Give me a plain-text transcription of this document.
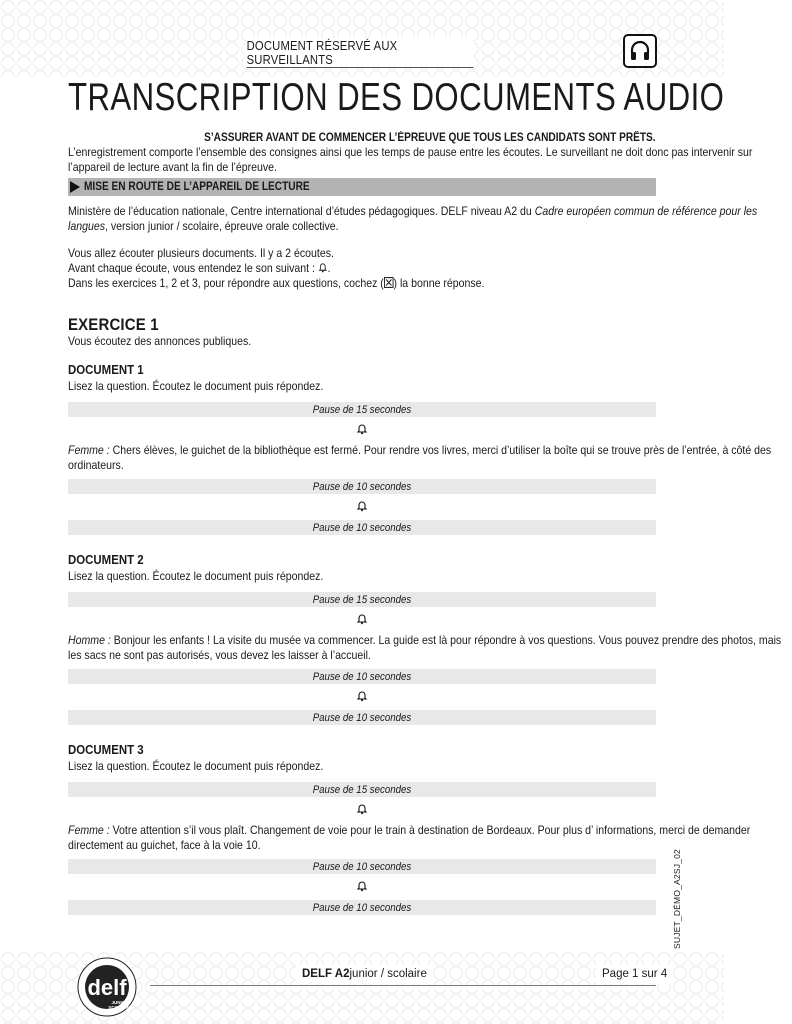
DOCUMENT RÉSERVÉ AUX SURVEILLANTS
TRANSCRIPTION DES DOCUMENTS AUDIO
S’ASSURER AVANT DE COMMENCER L’ÉPREUVE QUE TOUS LES CANDIDATS SONT PRÊTS.
L’enregistrement comporte l’ensemble des consignes ainsi que les temps de pause entre les écoutes. Le surveillant ne doit donc pas intervenir sur l’appareil de lecture avant la fin de l’épreuve.
MISE EN ROUTE DE L’APPAREIL DE LECTURE
Ministère de l’éducation nationale, Centre international d’études pédagogiques. DELF niveau A2 du Cadre européen commun de référence pour les langues, version junior / scolaire, épreuve orale collective.
Vous allez écouter plusieurs documents. Il y a 2 écoutes.
Avant chaque écoute, vous entendez le son suivant : .
Dans les exercices 1, 2 et 3, pour répondre aux questions, cochez ( ) la bonne réponse.
EXERCICE 1
Vous écoutez des annonces publiques.
DOCUMENT 1
Lisez la question. Écoutez le document puis répondez.
Pause de 15 secondes
Femme : Chers élèves, le guichet de la bibliothèque est fermé. Pour rendre vos livres, merci d’utiliser la boîte qui se trouve près de l’entrée, à côté des ordinateurs.
Pause de 10 secondes
Pause de 10 secondes
DOCUMENT 2
Lisez la question. Écoutez le document puis répondez.
Pause de 15 secondes
Homme : Bonjour les enfants ! La visite du musée va commencer. La guide est là pour répondre à vos questions. Vous pouvez prendre des photos, mais les sacs ne sont pas autorisés, vous devez les laisser à l’accueil.
Pause de 10 secondes
Pause de 10 secondes
DOCUMENT 3
Lisez la question. Écoutez le document puis répondez.
Pause de 15 secondes
Femme : Votre attention s’il vous plaît. Changement de voie pour le train à destination de Bordeaux. Pour plus d’ informations, merci de demander directement au guichet, face à la voie 10.
Pause de 10 secondes
Pause de 10 secondes	SUJET_DÉMO_A2SJ_02
DELF A2 junior / scolaire	Page 1 sur 4
delf
JUNIOR
SCOLAIRE
